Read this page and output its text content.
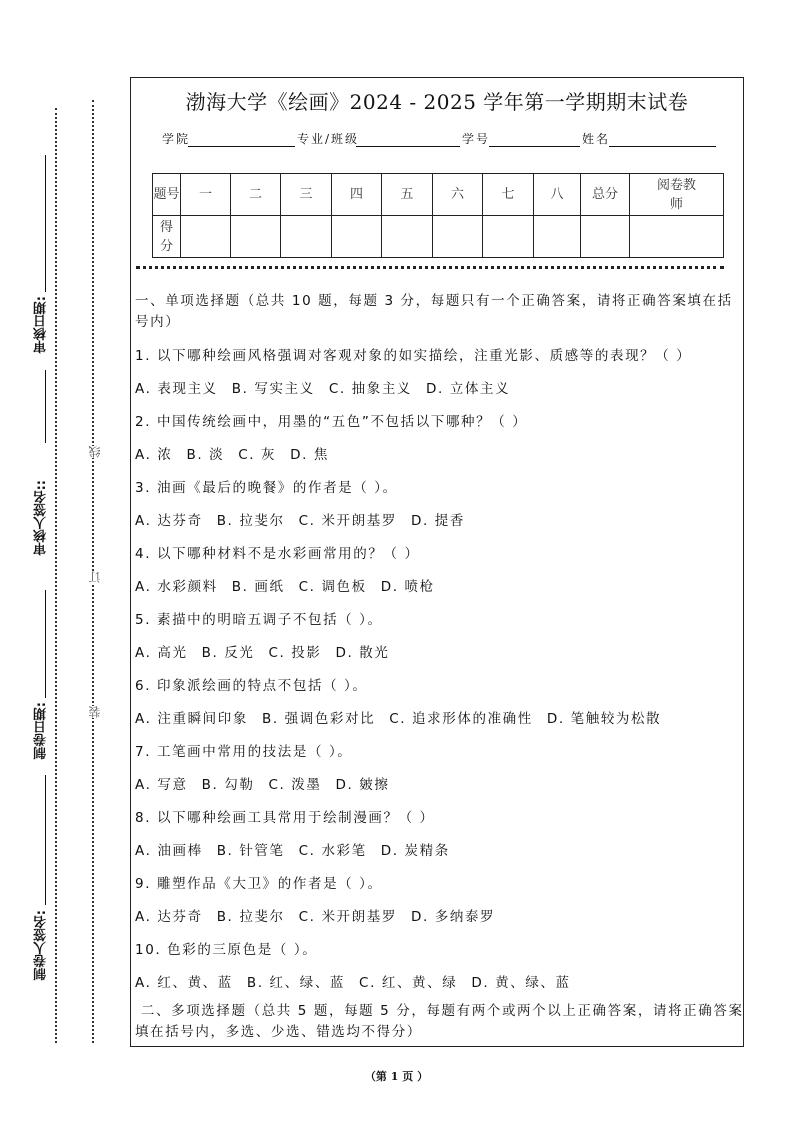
审核日期:
审核人签名::
制卷日期:
制卷人签名:
线
订
装
渤海大学《绘画》2024 - 2025 学年第一学期期末试卷
学院	专业/班级	学号	姓名
题号	一	二	三	四	五	六	七	八	总分	阅卷教师
得分										
一、单项选择题（总共 10 题，每题 3 分，每题只有一个正确答案，请将正确答案填在括号内）
1. 以下哪种绘画风格强调对客观对象的如实描绘，注重光影、质感等的表现？（ ）
A. 表现主义 B. 写实主义 C. 抽象主义 D. 立体主义
2. 中国传统绘画中，用墨的“五色”不包括以下哪种？（ ）
A. 浓 B. 淡 C. 灰 D. 焦
3. 油画《最后的晚餐》的作者是（ ）。
A. 达芬奇 B. 拉斐尔 C. 米开朗基罗 D. 提香
4. 以下哪种材料不是水彩画常用的？（ ）
A. 水彩颜料 B. 画纸 C. 调色板 D. 喷枪
5. 素描中的明暗五调子不包括（ ）。
A. 高光 B. 反光 C. 投影 D. 散光
6. 印象派绘画的特点不包括（ ）。
A. 注重瞬间印象 B. 强调色彩对比 C. 追求形体的准确性 D. 笔触较为松散
7. 工笔画中常用的技法是（ ）。
A. 写意 B. 勾勒 C. 泼墨 D. 皴擦
8. 以下哪种绘画工具常用于绘制漫画？（ ）
A. 油画棒 B. 针管笔 C. 水彩笔 D. 炭精条
9. 雕塑作品《大卫》的作者是（ ）。
A. 达芬奇 B. 拉斐尔 C. 米开朗基罗 D. 多纳泰罗
10. 色彩的三原色是（ ）。
A. 红、黄、蓝 B. 红、绿、蓝 C. 红、黄、绿 D. 黄、绿、蓝
二、多项选择题（总共 5 题，每题 5 分，每题有两个或两个以上正确答案，请将正确答案填在括号内，多选、少选、错选均不得分）
（第 1 页 ）
